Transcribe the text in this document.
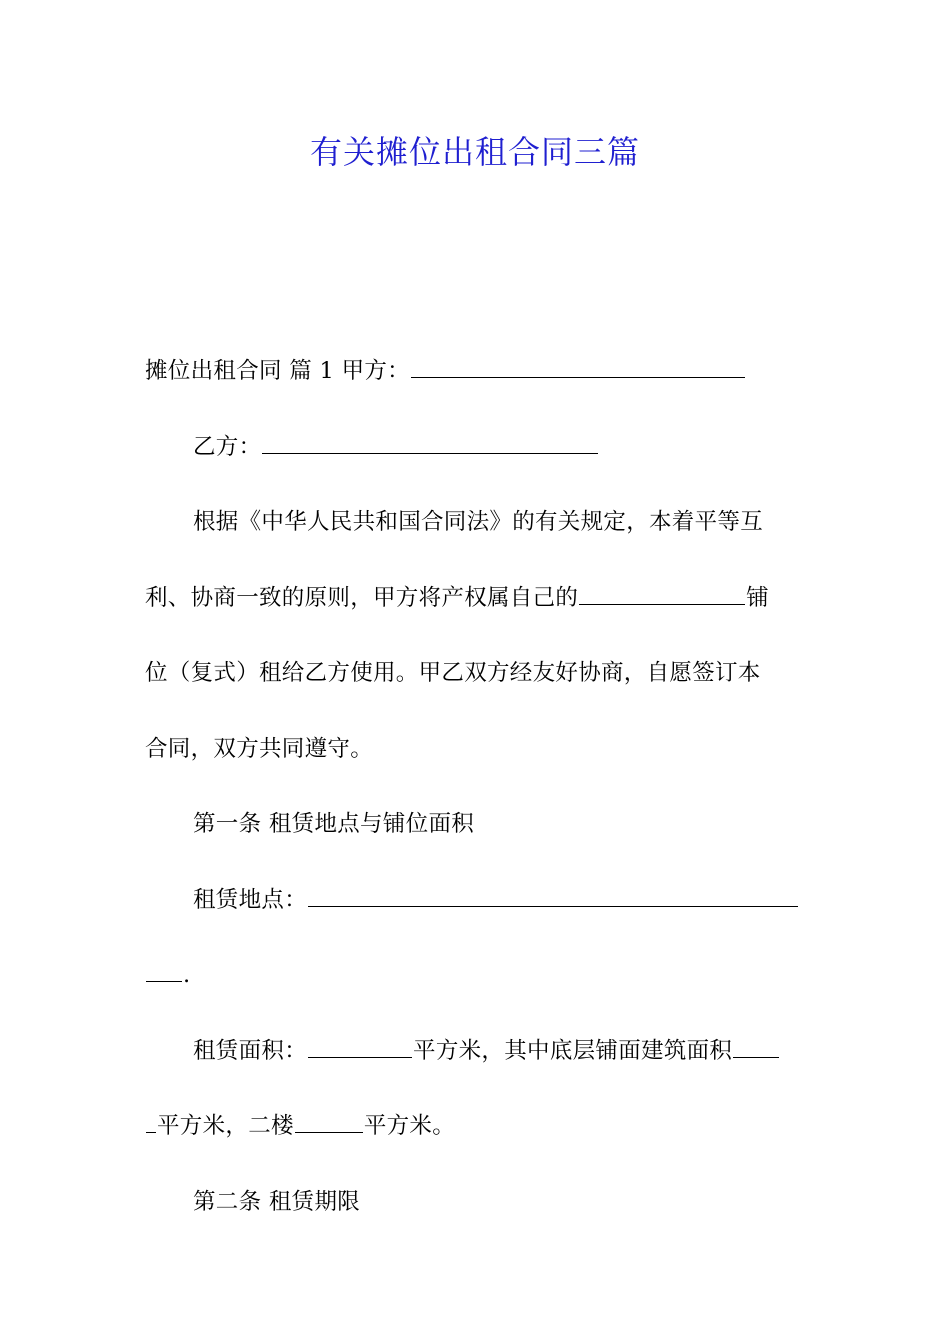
有关摊位出租合同三篇
摊位出租合同 篇 1 甲方：
乙方：
根据《中华人民共和国合同法》的有关规定，本着平等互
利、协商一致的原则，甲方将产权属自己的	铺
位（复式）租给乙方使用。甲乙双方经友好协商，自愿签订本
合同，双方共同遵守。
第一条 租赁地点与铺位面积
租赁地点：
.
租赁面积：	平方米，其中底层铺面建筑面积
平方米，二楼	平方米。
第二条 租赁期限
